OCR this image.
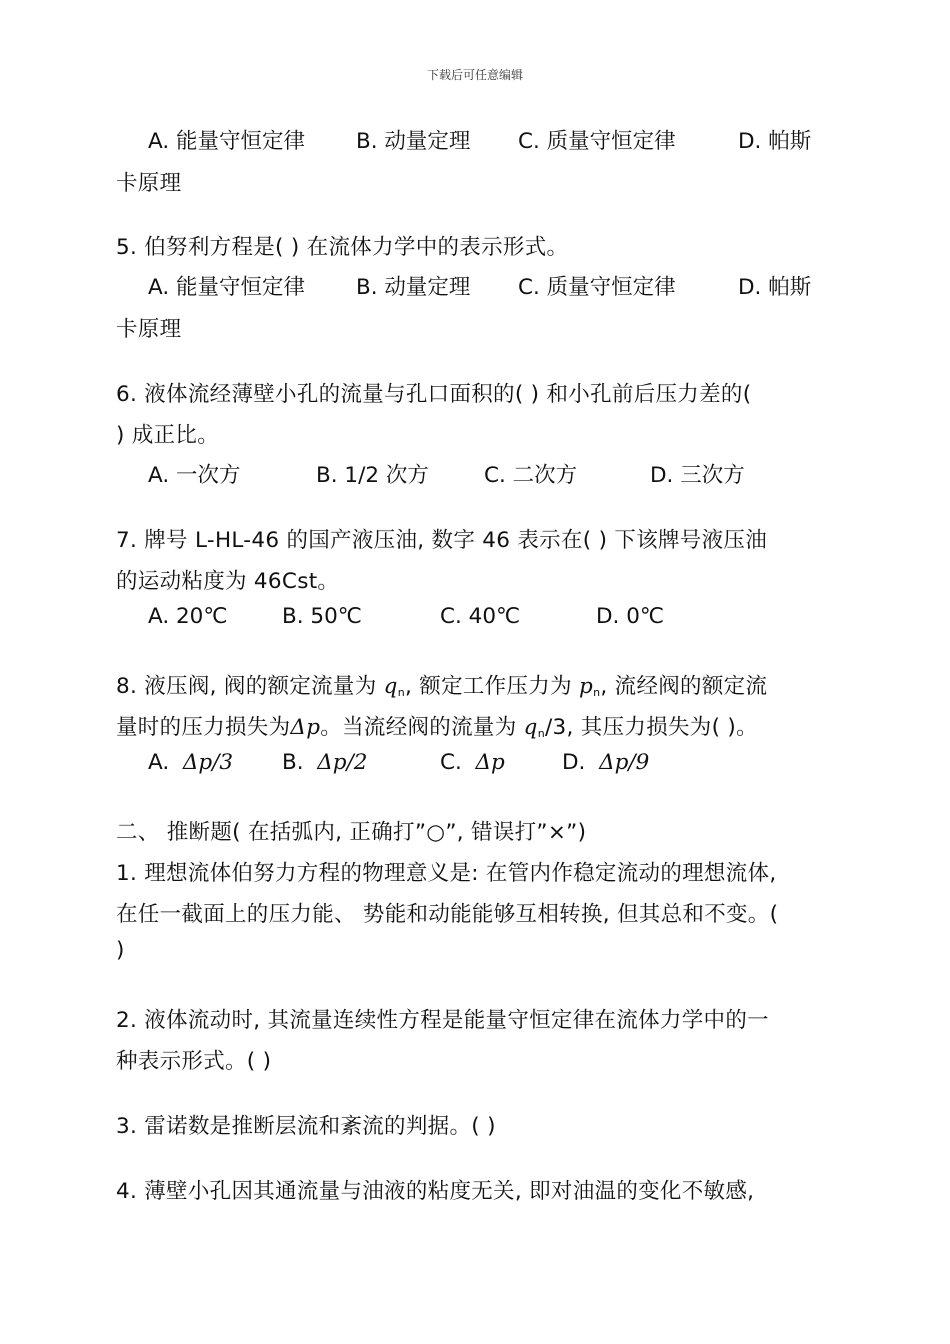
下载后可任意编辑
A. 能量守恒定律 B. 动量定理 C. 质量守恒定律	D. 帕斯
卡原理
5. 伯努利方程是( ) 在流体力学中的表示形式。
A. 能量守恒定律 B. 动量定理 C. 质量守恒定律	D. 帕斯
卡原理
6. 液体流经薄壁小孔的流量与孔口面积的( ) 和小孔前后压力差的(
) 成正比。
A. 一次方	B. 1/2 次方	C. 二次方	D. 三次方
7. 牌号 L-HL-46 的国产液压油, 数字 46 表示在( ) 下该牌号液压油
的运动粘度为 46Cst。
A. 20℃	B. 50℃	C. 40℃	D. 0℃
8. 液压阀, 阀的额定流量为 $q_n$, 额定工作压力为 $p_n$, 流经阀的额定流
量时的压力损失为Δp。当流经阀的流量为 $q_n/3$, 其压力损失为( )。
A. Δp/3 B. Δp/2	C. Δp	D. Δp/9
二、 推断题( 在括弧内, 正确打”○”, 错误打”×”)
1. 理想流体伯努力方程的物理意义是: 在管内作稳定流动的理想流体,
在任一截面上的压力能、 势能和动能能够互相转换, 但其总和不变。(
)
2. 液体流动时, 其流量连续性方程是能量守恒定律在流体力学中的一
种表示形式。( )
3. 雷诺数是推断层流和紊流的判据。( )
4. 薄壁小孔因其通流量与油液的粘度无关, 即对油温的变化不敏感,
